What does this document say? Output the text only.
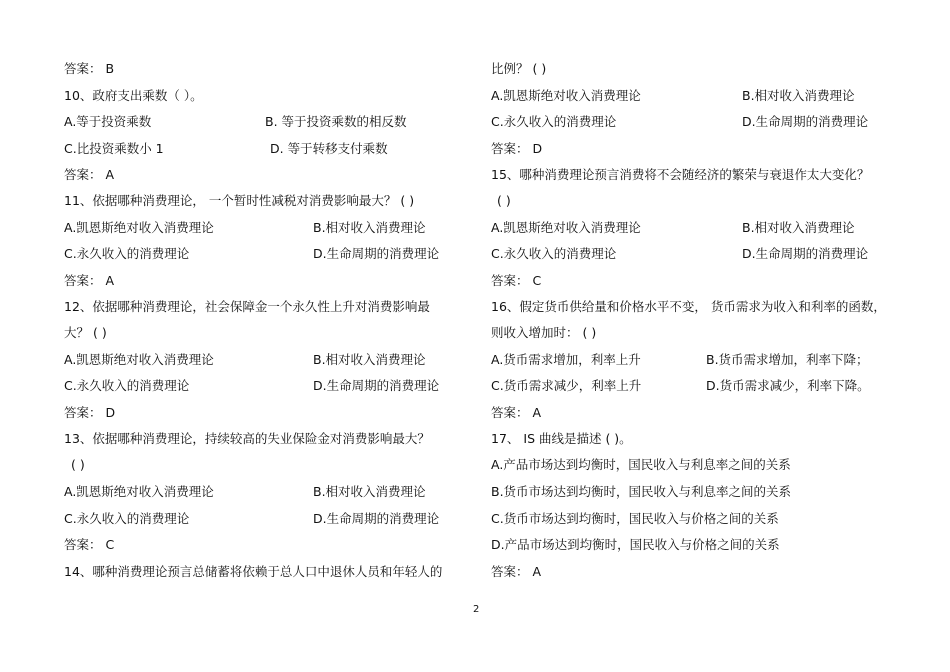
答案： B
10、政府支出乘数（ ）。
A.等于投资乘数	B. 等于投资乘数的相反数
C.比投资乘数小 1	D. 等于转移支付乘数
答案： A
11、依据哪种消费理论， 一个暂时性减税对消费影响最大？ ( )
A.凯恩斯绝对收入消费理论	B.相对收入消费理论
C.永久收入的消费理论	D.生命周期的消费理论
答案： A
12、依据哪种消费理论，社会保障金一个永久性上升对消费影响最
大？ ( )
A.凯恩斯绝对收入消费理论	B.相对收入消费理论
C.永久收入的消费理论	D.生命周期的消费理论
答案： D
13、依据哪种消费理论，持续较高的失业保险金对消费影响最大？
( )
A.凯恩斯绝对收入消费理论	B.相对收入消费理论
C.永久收入的消费理论	D.生命周期的消费理论
答案： C
14、哪种消费理论预言总储蓄将依赖于总人口中退休人员和年轻人的
比例？ ( )
A.凯恩斯绝对收入消费理论	B.相对收入消费理论
C.永久收入的消费理论	D.生命周期的消费理论
答案： D
15、哪种消费理论预言消费将不会随经济的繁荣与衰退作太大变化？
( )
A.凯恩斯绝对收入消费理论	B.相对收入消费理论
C.永久收入的消费理论	D.生命周期的消费理论
答案： C
16、假定货币供给量和价格水平不变， 货币需求为收入和利率的函数，
则收入增加时： ( )
A.货币需求增加，利率上升	B.货币需求增加，利率下降；
C.货币需求减少，利率上升	D.货币需求减少，利率下降。
答案： A
17、 IS 曲线是描述 ( )。
A.产品市场达到均衡时，国民收入与利息率之间的关系
B.货币市场达到均衡时，国民收入与利息率之间的关系
C.货币市场达到均衡时，国民收入与价格之间的关系
D.产品市场达到均衡时，国民收入与价格之间的关系
答案： A
2
